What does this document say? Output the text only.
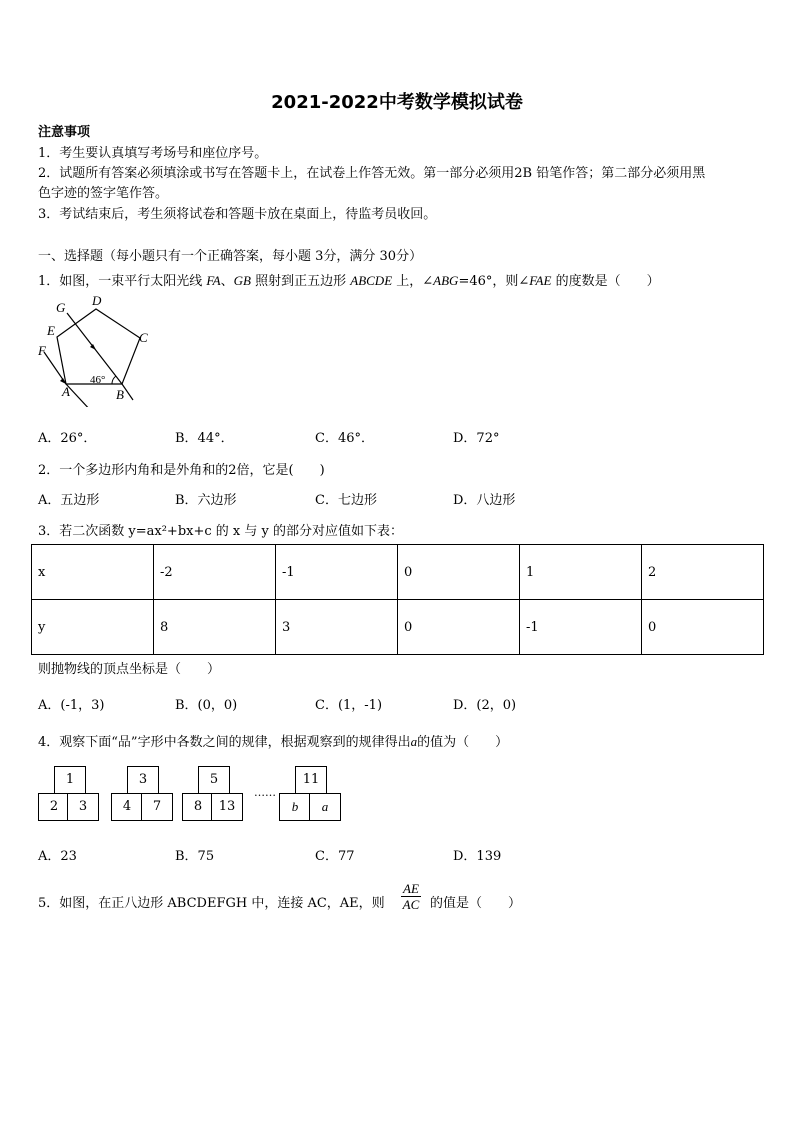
2021-2022中考数学模拟试卷
注意事项
1．考生要认真填写考场号和座位序号。
2．试题所有答案必须填涂或书写在答题卡上，在试卷上作答无效。第一部分必须用2B 铅笔作答；第二部分必须用黑
色字迹的签字笔作答。
3．考试结束后，考生须将试卷和答题卡放在桌面上，待监考员收回。
一、选择题（每小题只有一个正确答案，每小题 3分，满分 30分）
1．如图，一束平行太阳光线 FA、GB 照射到正五边形 ABCDE 上，∠ABG=46°，则∠FAE 的度数是（　　）
G D
E	C
F
A	B
46°
A．26°．	B．44°．	C．46°．	D．72°
2．一个多边形内角和是外角和的2倍，它是(　　)
A．五边形	B．六边形	C．七边形	D．八边形
3．若二次函数 y=ax²+bx+c 的 x 与 y 的部分对应值如下表：
x	-2	-1	0	1	2
y	8	3	0	-1	0
则抛物线的顶点坐标是（　　）
A．(-1，3)	B．(0，0)	C．(1，-1)	D．(2，0)
4．观察下面“品”字形中各数之间的规律，根据观察到的规律得出a的值为（　　）
1
2	3
3
4	7
5
8	13
……
11
b	a
A．23	B．75	C．77	D．139
5．如图，在正八边形 ABCDEFGH 中，连接 AC，AE，则 $\frac{AE}{AC}$ 的值是（　　）
